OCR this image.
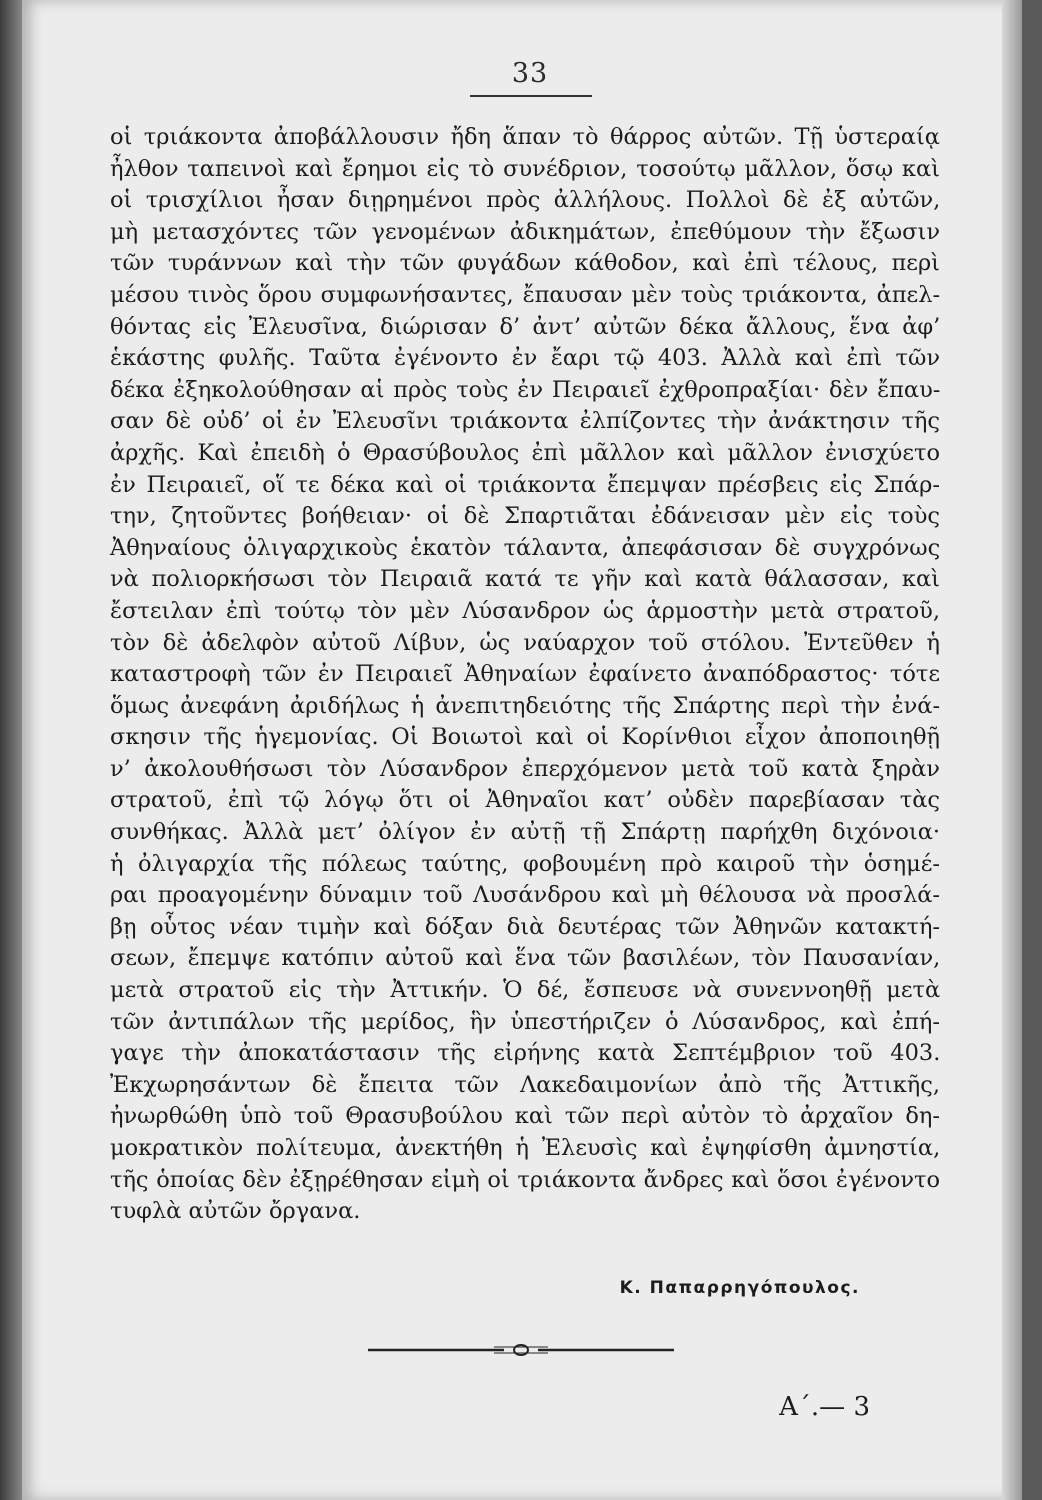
33
οἱ τριάκοντα ἀποβάλλουσιν ἤδη ἅπαν τὸ θάρρος αὐτῶν. Τῇ ὑστεραίᾳ
ἦλθον ταπεινοὶ καὶ ἔρημοι εἰς τὸ συνέδριον, τοσούτῳ μᾶλλον, ὅσῳ καὶ
οἱ τρισχίλιοι ἦσαν διῃρημένοι πρὸς ἀλλήλους. Πολλοὶ δὲ ἐξ αὐτῶν,
μὴ μετασχόντες τῶν γενομένων ἀδικημάτων, ἐπεθύμουν τὴν ἔξωσιν
τῶν τυράννων καὶ τὴν τῶν φυγάδων κάθοδον, καὶ ἐπὶ τέλους, περὶ
μέσου τινὸς ὅρου συμφωνήσαντες, ἔπαυσαν μὲν τοὺς τριάκοντα, ἀπελ-
θόντας εἰς Ἐλευσῖνα, διώρισαν δ’ ἀντ’ αὐτῶν δέκα ἄλλους, ἕνα ἀφ’
ἑκάστης φυλῆς. Ταῦτα ἐγένοντο ἐν ἔαρι τῷ 403. Ἀλλὰ καὶ ἐπὶ τῶν
δέκα ἐξηκολούθησαν αἱ πρὸς τοὺς ἐν Πειραιεῖ ἐχθροπραξίαι· δὲν ἔπαυ-
σαν δὲ οὐδ’ οἱ ἐν Ἐλευσῖνι τριάκοντα ἐλπίζοντες τὴν ἀνάκτησιν τῆς
ἀρχῆς. Καὶ ἐπειδὴ ὁ Θρασύβουλος ἐπὶ μᾶλλον καὶ μᾶλλον ἐνισχύετο
ἐν Πειραιεῖ, οἵ τε δέκα καὶ οἱ τριάκοντα ἔπεμψαν πρέσβεις εἰς Σπάρ-
την, ζητοῦντες βοήθειαν· οἱ δὲ Σπαρτιᾶται ἐδάνεισαν μὲν εἰς τοὺς
Ἀθηναίους ὀλιγαρχικοὺς ἑκατὸν τάλαντα, ἀπεφάσισαν δὲ συγχρόνως
νὰ πολιορκήσωσι τὸν Πειραιᾶ κατά τε γῆν καὶ κατὰ θάλασσαν, καὶ
ἔστειλαν ἐπὶ τούτῳ τὸν μὲν Λύσανδρον ὡς ἁρμοστὴν μετὰ στρατοῦ,
τὸν δὲ ἀδελφὸν αὐτοῦ Λίβυν, ὡς ναύαρχον τοῦ στόλου. Ἐντεῦθεν ἡ
καταστροφὴ τῶν ἐν Πειραιεῖ Ἀθηναίων ἐφαίνετο ἀναπόδραστος· τότε
ὅμως ἀνεφάνη ἀριδήλως ἡ ἀνεπιτηδειότης τῆς Σπάρτης περὶ τὴν ἐνά-
σκησιν τῆς ἡγεμονίας. Οἱ Βοιωτοὶ καὶ οἱ Κορίνθιοι εἶχον ἀποποιηθῇ
ν’ ἀκολουθήσωσι τὸν Λύσανδρον ἐπερχόμενον μετὰ τοῦ κατὰ ξηρὰν
στρατοῦ, ἐπὶ τῷ λόγῳ ὅτι οἱ Ἀθηναῖοι κατ’ οὐδὲν παρεβίασαν τὰς
συνθήκας. Ἀλλὰ μετ’ ὀλίγον ἐν αὐτῇ τῇ Σπάρτῃ παρήχθη διχόνοια·
ἡ ὀλιγαρχία τῆς πόλεως ταύτης, φοβουμένη πρὸ καιροῦ τὴν ὁσημέ-
ραι προαγομένην δύναμιν τοῦ Λυσάνδρου καὶ μὴ θέλουσα νὰ προσλά-
βῃ οὗτος νέαν τιμὴν καὶ δόξαν διὰ δευτέρας τῶν Ἀθηνῶν κατακτή-
σεων, ἔπεμψε κατόπιν αὐτοῦ καὶ ἕνα τῶν βασιλέων, τὸν Παυσανίαν,
μετὰ στρατοῦ εἰς τὴν Ἀττικήν. Ὁ δέ, ἔσπευσε νὰ συνεννοηθῇ μετὰ
τῶν ἀντιπάλων τῆς μερίδος, ἣν ὑπεστήριζεν ὁ Λύσανδρος, καὶ ἐπή-
γαγε τὴν ἀποκατάστασιν τῆς εἰρήνης κατὰ Σεπτέμβριον τοῦ 403.
Ἐκχωρησάντων δὲ ἔπειτα τῶν Λακεδαιμονίων ἀπὸ τῆς Ἀττικῆς,
ἠνωρθώθη ὑπὸ τοῦ Θρασυβούλου καὶ τῶν περὶ αὐτὸν τὸ ἀρχαῖον δη-
μοκρατικὸν πολίτευμα, ἀνεκτήθη ἡ Ἐλευσὶς καὶ ἐψηφίσθη ἀμνηστία,
τῆς ὁποίας δὲν ἐξῃρέθησαν εἰμὴ οἱ τριάκοντα ἄνδρες καὶ ὅσοι ἐγένοντο
τυφλὰ αὐτῶν ὄργανα.
Κ. Παπαρρηγόπουλος.
Α΄.— 3
